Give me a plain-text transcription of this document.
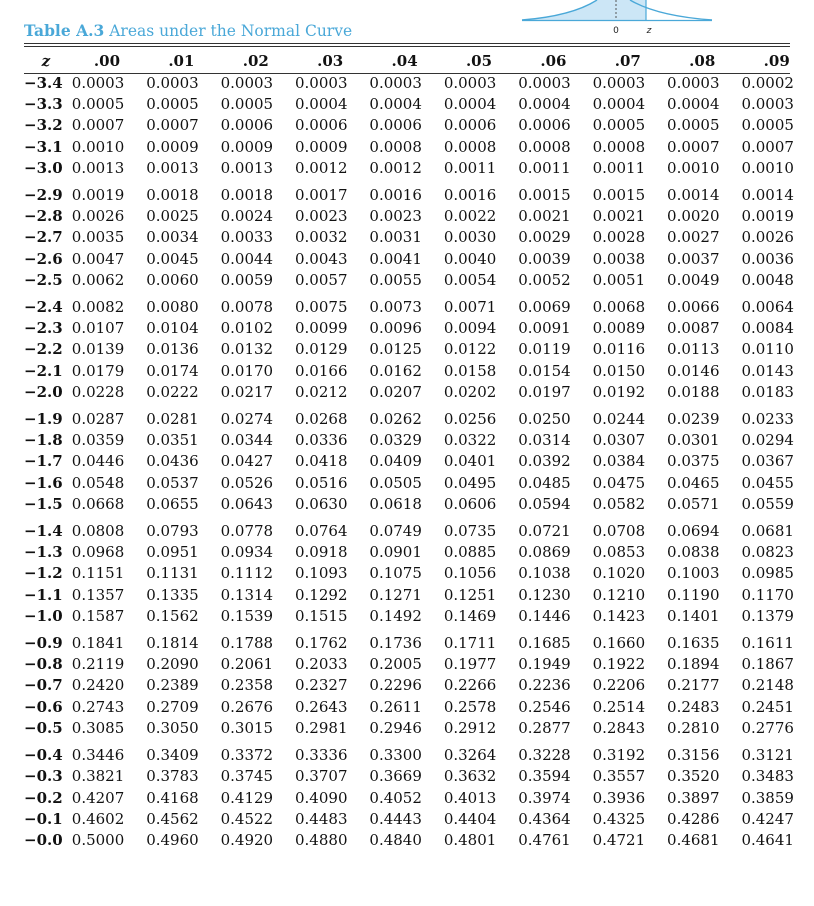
0	z
Table A.3 Areas under the Normal Curve
z	.00	.01	.02	.03	.04	.05	.06	.07	.08	.09
−3.4	0.0003	0.0003	0.0003	0.0003	0.0003	0.0003	0.0003	0.0003	0.0003	0.0002
−3.3	0.0005	0.0005	0.0005	0.0004	0.0004	0.0004	0.0004	0.0004	0.0004	0.0003
−3.2	0.0007	0.0007	0.0006	0.0006	0.0006	0.0006	0.0006	0.0005	0.0005	0.0005
−3.1	0.0010	0.0009	0.0009	0.0009	0.0008	0.0008	0.0008	0.0008	0.0007	0.0007
−3.0	0.0013	0.0013	0.0013	0.0012	0.0012	0.0011	0.0011	0.0011	0.0010	0.0010
−2.9	0.0019	0.0018	0.0018	0.0017	0.0016	0.0016	0.0015	0.0015	0.0014	0.0014
−2.8	0.0026	0.0025	0.0024	0.0023	0.0023	0.0022	0.0021	0.0021	0.0020	0.0019
−2.7	0.0035	0.0034	0.0033	0.0032	0.0031	0.0030	0.0029	0.0028	0.0027	0.0026
−2.6	0.0047	0.0045	0.0044	0.0043	0.0041	0.0040	0.0039	0.0038	0.0037	0.0036
−2.5	0.0062	0.0060	0.0059	0.0057	0.0055	0.0054	0.0052	0.0051	0.0049	0.0048
−2.4	0.0082	0.0080	0.0078	0.0075	0.0073	0.0071	0.0069	0.0068	0.0066	0.0064
−2.3	0.0107	0.0104	0.0102	0.0099	0.0096	0.0094	0.0091	0.0089	0.0087	0.0084
−2.2	0.0139	0.0136	0.0132	0.0129	0.0125	0.0122	0.0119	0.0116	0.0113	0.0110
−2.1	0.0179	0.0174	0.0170	0.0166	0.0162	0.0158	0.0154	0.0150	0.0146	0.0143
−2.0	0.0228	0.0222	0.0217	0.0212	0.0207	0.0202	0.0197	0.0192	0.0188	0.0183
−1.9	0.0287	0.0281	0.0274	0.0268	0.0262	0.0256	0.0250	0.0244	0.0239	0.0233
−1.8	0.0359	0.0351	0.0344	0.0336	0.0329	0.0322	0.0314	0.0307	0.0301	0.0294
−1.7	0.0446	0.0436	0.0427	0.0418	0.0409	0.0401	0.0392	0.0384	0.0375	0.0367
−1.6	0.0548	0.0537	0.0526	0.0516	0.0505	0.0495	0.0485	0.0475	0.0465	0.0455
−1.5	0.0668	0.0655	0.0643	0.0630	0.0618	0.0606	0.0594	0.0582	0.0571	0.0559
−1.4	0.0808	0.0793	0.0778	0.0764	0.0749	0.0735	0.0721	0.0708	0.0694	0.0681
−1.3	0.0968	0.0951	0.0934	0.0918	0.0901	0.0885	0.0869	0.0853	0.0838	0.0823
−1.2	0.1151	0.1131	0.1112	0.1093	0.1075	0.1056	0.1038	0.1020	0.1003	0.0985
−1.1	0.1357	0.1335	0.1314	0.1292	0.1271	0.1251	0.1230	0.1210	0.1190	0.1170
−1.0	0.1587	0.1562	0.1539	0.1515	0.1492	0.1469	0.1446	0.1423	0.1401	0.1379
−0.9	0.1841	0.1814	0.1788	0.1762	0.1736	0.1711	0.1685	0.1660	0.1635	0.1611
−0.8	0.2119	0.2090	0.2061	0.2033	0.2005	0.1977	0.1949	0.1922	0.1894	0.1867
−0.7	0.2420	0.2389	0.2358	0.2327	0.2296	0.2266	0.2236	0.2206	0.2177	0.2148
−0.6	0.2743	0.2709	0.2676	0.2643	0.2611	0.2578	0.2546	0.2514	0.2483	0.2451
−0.5	0.3085	0.3050	0.3015	0.2981	0.2946	0.2912	0.2877	0.2843	0.2810	0.2776
−0.4	0.3446	0.3409	0.3372	0.3336	0.3300	0.3264	0.3228	0.3192	0.3156	0.3121
−0.3	0.3821	0.3783	0.3745	0.3707	0.3669	0.3632	0.3594	0.3557	0.3520	0.3483
−0.2	0.4207	0.4168	0.4129	0.4090	0.4052	0.4013	0.3974	0.3936	0.3897	0.3859
−0.1	0.4602	0.4562	0.4522	0.4483	0.4443	0.4404	0.4364	0.4325	0.4286	0.4247
−0.0	0.5000	0.4960	0.4920	0.4880	0.4840	0.4801	0.4761	0.4721	0.4681	0.4641
